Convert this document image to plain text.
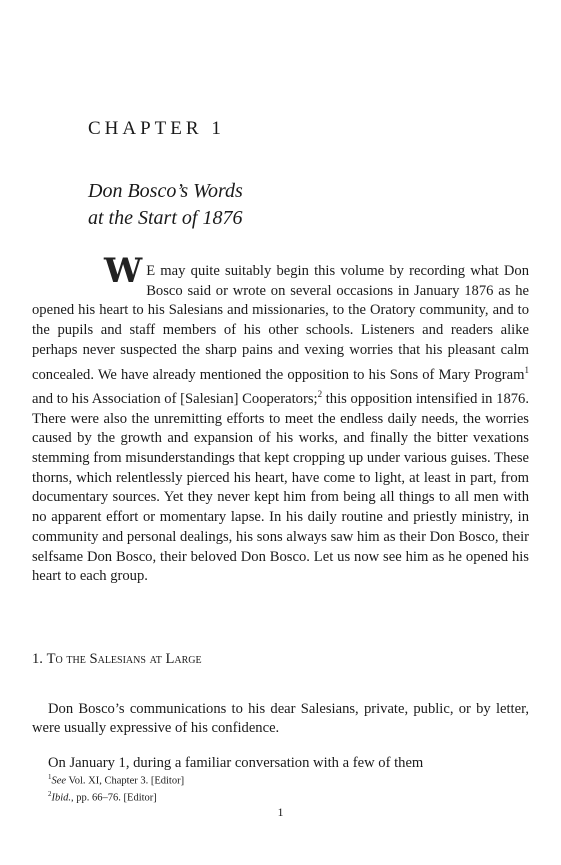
CHAPTER 1
Don Bosco’s Words
at the Start of 1876
W E may quite suitably begin this volume by recording what Don Bosco said or wrote on several occasions in January 1876 as he opened his heart to his Salesians and missionaries, to the Oratory community, and to the pupils and staff members of his other schools. Listeners and readers alike perhaps never suspected the sharp pains and vexing worries that his pleasant calm concealed. We have already mentioned the opposition to his Sons of Mary Program$^1$ and to his Association of [Salesian] Cooperators;$^2$ this opposition intensified in 1876. There were also the unremitting efforts to meet the endless daily needs, the worries caused by the growth and expansion of his works, and finally the bitter vexations stemming from misunderstandings that kept cropping up under various guises. These thorns, which relentlessly pierced his heart, have come to light, at least in part, from documentary sources. Yet they never kept him from being all things to all men with no apparent effort or momentary lapse. In his daily routine and priestly ministry, in community and personal dealings, his sons always saw him as their Don Bosco, their selfsame Don Bosco, their beloved Don Bosco. Let us now see him as he opened his heart to each group.
1. To the Salesians at Large

Don Bosco’s communications to his dear Salesians, private, public, or by letter, were usually expressive of his confidence.

On January 1, during a familiar conversation with a few of them

$^1$See Vol. XI, Chapter 3. [Editor]
$^2$Ibid., pp. 66–76. [Editor]
1
